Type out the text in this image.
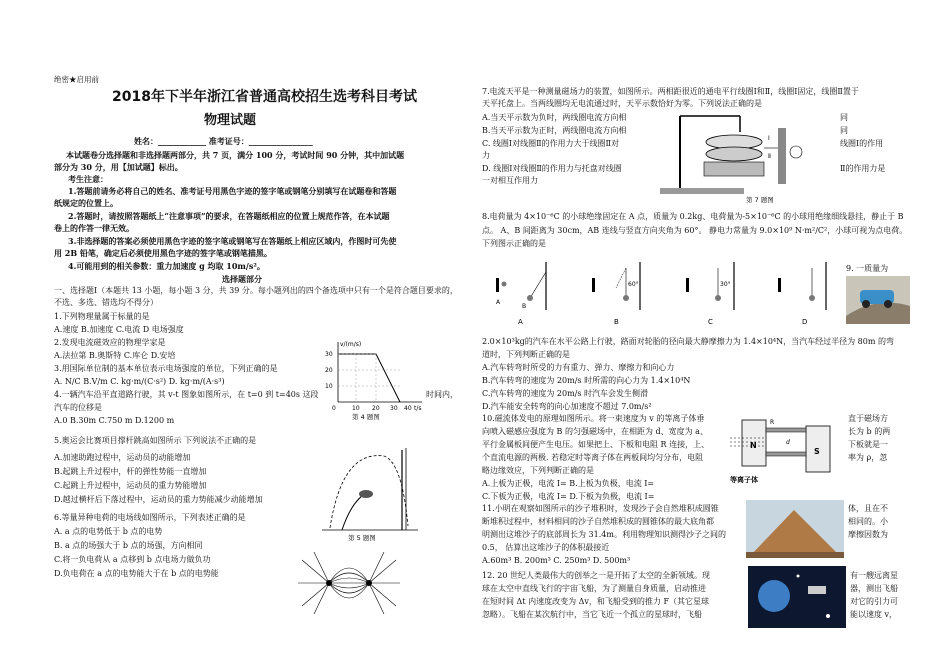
绝密★启用前
2018年下半年浙江省普通高校招生选考科目考试
物理试题
姓名：____________ 准考证号：________________
本试题卷分选择题和非选择题两部分，共 7 页，满分 100 分，考试时间 90 分钟，其中加试题
部分为 30 分，用【加试题】标出。
考生注意：
1.答题前请务必将自己的姓名、准考证号用黑色字迹的签字笔或钢笔分别填写在试题卷和答题
纸规定的位置上。
2.答题时，请按照答题纸上“注意事项”的要求，在答题纸相应的位置上规范作答，在本试题
卷上的作答一律无效。
3.非选择题的答案必须使用黑色字迹的签字笔或钢笔写在答题纸上相应区域内，作图时可先使
用 2B 铅笔，确定后必须使用黑色字迹的签字笔或钢笔描黑。
4.可能用到的相关参数：重力加速度 g 均取 10m/s²。
选择题部分
一、选择题Ⅰ（本题共 13 小题，每小题 3 分，共 39 分。每小题列出的四个备选项中只有一个是符合题目要求的，
不选、多选、错选均不得分）
1.下列物理量属于标量的是
A.速度 B.加速度 C.电流 D 电场强度
2.发现电流磁效应的物理学家是
A.法拉第 B.奥斯特 C.库仑 D.安培
3.用国际单位制的基本单位表示电场强度的单位，下列正确的是
A. N/C B.V/m C. kg·m/(C·s²) D. kg·m/(A·s³)
4.一辆汽车沿平直道路行驶，其 v-t 图象如图所示，在 t=0 到 t=40s 这段	时间内，
汽车的位移是
A.0 B.30m C.750 m D.1200 m
5.奥运会比赛项目撑杆跳高如图所示 下列说法不正确的是
A.加速助跑过程中，运动员的动能增加
B.起跳上升过程中，杆的弹性势能一直增加
C.起跳上升过程中，运动员的重力势能增加
D.越过横杆后下落过程中，运动员的重力势能减少动能增加
6.等量异种电荷的电场线如图所示，下列表述正确的是
A. a 点的电势低于 b 点的电势
B. a 点的场强大于 b 点的场强，方向相同
C.将一负电荷从 a 点移到 b 点电场力做负功
D.负电荷在 a 点的电势能大于在 b 点的电势能
v/(m/s)
30
20
10
0	10 20 30 40 t/s
第 4 题图
第 5 题图
7.电流天平是一种测量磁场力的装置，如图所示。两相距很近的通电平行线圈Ⅰ和Ⅱ，线圈Ⅰ固定，线圈Ⅱ置于
天平托盘上。当两线圈均无电流通过时，天平示数恰好为零。下列说法正确的是
A.当天平示数为负时，两线圈电流方向相
B.当天平示数为正时，两线圈电流方向相
C. 线圈Ⅰ对线圈Ⅱ的作用力大于线圈Ⅱ对
力
D. 线圈Ⅰ对线圈Ⅱ的作用力与托盘对线圈
一对相互作用力
同
同
线圈Ⅰ的作用
Ⅱ的作用力是
Ⅰ
Ⅱ
第 7 题图
8.电荷量为 4×10⁻⁶C 的小球绝缘固定在 A 点，质量为 0.2kg、电荷量为-5×10⁻⁶C 的小球用绝缘细线悬挂，静止于 B
点。 A、B 间距离为 30cm，AB 连线与竖直方向夹角为 60°。 静电力常量为 9.0×10⁹ N·m²/C²，小球可视为点电荷。
下列图示正确的是
A
B
A
60°
B
30°
C	D
9. 一质量为
2.0×10³kg的汽车在水平公路上行驶，路面对轮胎的径向最大静摩擦力为 1.4×10⁴N，当汽车经过半径为 80m 的弯
道时，下列判断正确的是
A.汽车转弯时所受的力有重力、弹力、摩擦力和向心力
B.汽车转弯的速度为 20m/s 时所需的向心力为 1.4×10⁴N
C.汽车转弯的速度为 20m/s 时汽车会发生侧滑
D.汽车能安全转弯的向心加速度不超过 7.0m/s²
10.磁流体发电的原理如图所示。将一束速度为 v 的等离子体垂
向喷入磁感应强度为 B 的匀强磁场中，在相距为 d、宽度为 a、
平行金属板间便产生电压。如果把上、下板和电阻 R 连接，上、
个直流电源的两极. 若稳定时等离子体在两板间均匀分布，电阻
略边缘效应，下列判断正确的是
A.上板为正极，电流 I= B.上板为负极，电流 I=
C.下板为正极，电流 I= D.下板为负极，电流 I=
直于磁场方
长为 b 的两
下板就是一
率为 ρ，忽
N
S
d
R
等离子体
11.小明在观察如图所示的沙子堆积时，发现沙子会自然堆积成圆锥
断堆积过程中，材料相同的沙子自然堆积成的圆锥体的最大底角都
明测出这堆沙子的底部周长为 31.4m。利用物理知识测得沙子之间的
0.5， 估算出这堆沙子的体积最接近
A.60m³ B. 200m³ C. 250m³ D. 500m³
体，且在不
相同的。小
摩擦因数为
12. 20 世纪人类最伟大的创举之一是开拓了太空的全新领域。现
球在太空中直线飞行的宇宙飞船，为了测量自身质量，启动推进
在短时间 Δt 内速度改变为 Δv，和飞船受到的推力 F（其它星球
忽略）。飞船在某次航行中，当它飞近一个孤立的星球时，飞船
有一艘远离星
器，测出飞船
对它的引力可
能以速度 v，
